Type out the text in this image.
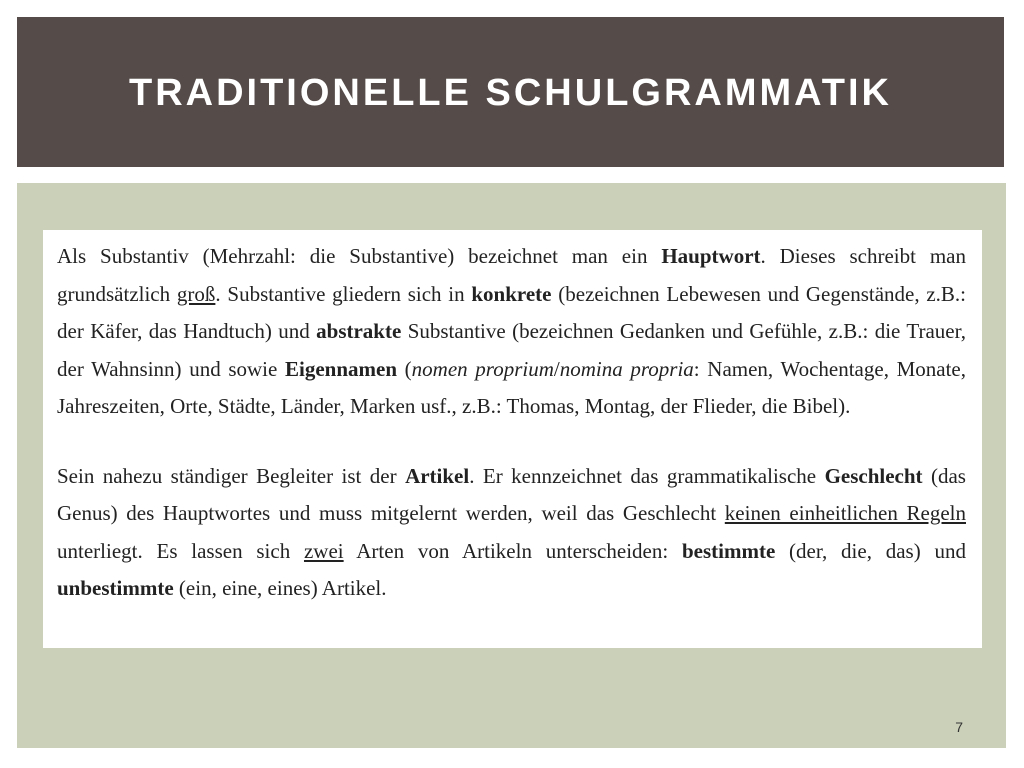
TRADITIONELLE SCHULGRAMMATIK

Als Substantiv (Mehrzahl: die Substantive) bezeichnet man ein Hauptwort. Dieses schreibt man grundsätzlich groß. Substantive gliedern sich in konkrete (bezeichnen Lebewesen und Gegenstände, z.B.: der Käfer, das Handtuch) und abstrakte Substantive (bezeichnen Gedanken und Gefühle, z.B.: die Trauer, der Wahnsinn) und sowie Eigennamen (nomen proprium/nomina propria: Namen, Wochentage, Monate, Jahreszeiten, Orte, Städte, Länder, Marken usf., z.B.: Thomas, Montag, der Flieder, die Bibel).

Sein nahezu ständiger Begleiter ist der Artikel. Er kennzeichnet das grammatikalische Geschlecht (das Genus) des Hauptwortes und muss mitgelernt werden, weil das Geschlecht keinen einheitlichen Regeln unterliegt. Es lassen sich zwei Arten von Artikeln unterscheiden: bestimmte (der, die, das) und unbestimmte (ein, eine, eines) Artikel.

7
